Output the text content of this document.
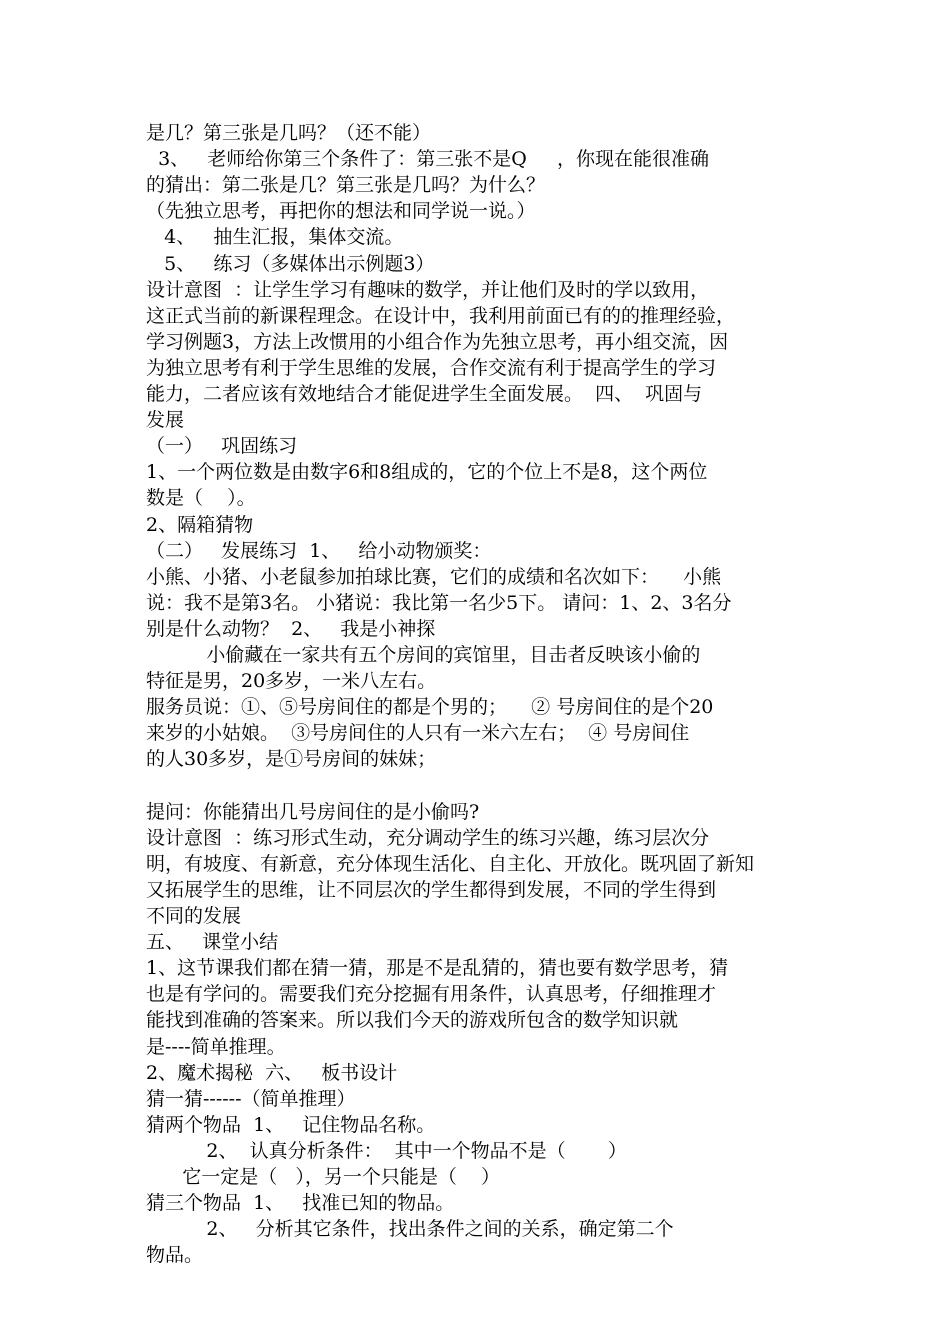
是几？第三张是几吗？（还不能）
3、   老师给你第三个条件了：第三张不是Q     ，你现在能很准确
的猜出：第二张是几？第三张是几吗？为什么？
（先独立思考，再把你的想法和同学说一说。）
4、   抽生汇报，集体交流。
5、   练习（多媒体出示例题3）
设计意图  ：让学生学习有趣味的数学，并让他们及时的学以致用，
这正式当前的新课程理念。在设计中，我利用前面已有的的推理经验，
学习例题3，方法上改惯用的小组合作为先独立思考，再小组交流，因
为独立思考有利于学生思维的发展，合作交流有利于提高学生的学习
能力，二者应该有效地结合才能促进学生全面发展。  四、  巩固与
发展
（一）   巩固练习
1、一个两位数是由数字6和8组成的，它的个位上不是8，这个两位
数是（    ）。
2、隔箱猜物
（二）   发展练习  1、   给小动物颁奖：
小熊、小猪、小老鼠参加拍球比赛，它们的成绩和名次如下：    小熊
说：我不是第3名。 小猪说：我比第一名少5下。 请问：1、2、3名分
别是什么动物？  2、   我是小神探
小偷藏在一家共有五个房间的宾馆里，目击者反映该小偷的
特征是男，20多岁，一米八左右。
服务员说：①、⑤号房间住的都是个男的；    ② 号房间住的是个20
来岁的小姑娘。  ③号房间住的人只有一米六左右；  ④ 号房间住
的人30多岁，是①号房间的妹妹；
提问：你能猜出几号房间住的是小偷吗?
设计意图  ：练习形式生动，充分调动学生的练习兴趣，练习层次分
明，有坡度、有新意，充分体现生活化、自主化、开放化。既巩固了新知
又拓展学生的思维，让不同层次的学生都得到发展，不同的学生得到
不同的发展
五、   课堂小结
1、这节课我们都在猜一猜，那是不是乱猜的，猜也要有数学思考，猜
也是有学问的。需要我们充分挖掘有用条件，认真思考，仔细推理才
能找到准确的答案来。所以我们今天的游戏所包含的数学知识就
是----简单推理。
2、魔术揭秘  六、   板书设计
猜一猜------（简单推理）
猜两个物品  1、   记住物品名称。
2、  认真分析条件：  其中一个物品不是（       ）
它一定是（   ），另一个只能是（    ）
猜三个物品  1、   找准已知的物品。
2、   分析其它条件，找出条件之间的关系，确定第二个
物品。
